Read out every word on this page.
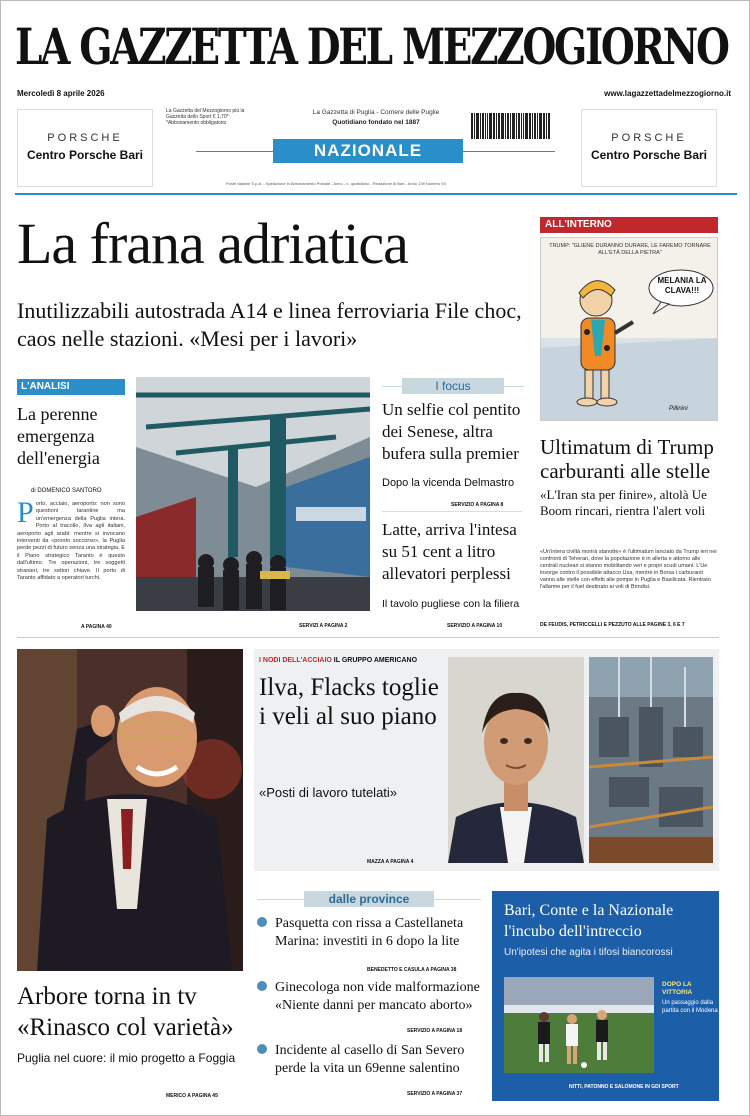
LA GAZZETTA DEL MEZZOGIORNO
Mercoledì 8 aprile 2026	www.lagazzettadelmezzogiorno.it
PORSCHE
Centro Porsche Bari
PORSCHE
Centro Porsche Bari
La Gazzetta del Mezzogiorno più la Gazzetta dello Sport € 1,70* *Abbonamento obbligatorio
La Gazzetta di Puglia - Corriere delle Puglie
Quotidiano fondato nel 1887
NAZIONALE
Poste Italiane S.p.A. - Spedizione in Abbonamento Postale - Anno - n. quotidiano - Redazione di Bari - Anno 139 Numero 93
La frana adriatica
Inutilizzabili autostrada A14 e linea ferroviaria File choc, caos nelle stazioni. «Mesi per i lavori»
ALL'INTERNO
TRUMP: "GLIENE DURANNO DURARE, LE FAREMO TORNARE ALL'ETÀ DELLA PIETRA"
MELANIA LA CLAVA!!!
Pillinini
Ultimatum di Trump carburanti alle stelle
«L'Iran sta per finire», altolà Ue Boom rincari, rientra l'alert voli
«Un'intera civiltà morirà stanotte» è l'ultimatum lanciato da Trump ieri nei confronti di Teheran, dove la popolazione è in allerta e attorno alle centrali nucleari si stanno mobilitando veri e propri scudi umani. L'Ue insorge contro il possibile attacco Usa, mentre in Borsa i carburanti vanno alle stelle con effetti alle pompe in Puglia e Basilicata. Rientrato l'allarme per il fuel destinato ai voli di Brindisi.
DE FEUDIS, PETRICCELLI E PEZZUTO ALLE PAGINE 3, 6 E 7
L'ANALISI
La perenne emergenza dell'energia
di DOMENICO SANTORO
Porto, acciaio, aeroporto: non sono questioni tarantine ma un'emergenza della Puglia intera. Porto al tracollo, Ilva agli italiani, aeroporto agli arabi: mentre si invocano interventi da «pronto soccorso», la Puglia perde pezzi di futuro senza una strategia. E il Piano strategico Taranto è questo dall'ultimo. Tre operazioni, tre soggetti stranieri, tre settori chiave. Il porto di Taranto affidato a operatori turchi.
A PAGINA 40	SERVIZI A PAGINA 2
I focus
Un selfie col pentito dei Senese, altra bufera sulla premier
Dopo la vicenda Delmastro
SERVIZIO A PAGINA 8
Latte, arriva l'intesa su 51 cent a litro allevatori perplessi
Il tavolo pugliese con la filiera
SERVIZIO A PAGINA 10
Arbore torna in tv «Rinasco col varietà»
Puglia nel cuore: il mio progetto a Foggia
MERICO A PAGINA 45
I NODI DELL'ACCIAIO IL GRUPPO AMERICANO
Ilva, Flacks toglie i veli al suo piano
«Posti di lavoro tutelati»
MAZZA A PAGINA 4
dalle province
Pasquetta con rissa a Castellaneta Marina: investiti in 6 dopo la lite
BENEDETTO E CASULA A PAGINA 38
Ginecologa non vide malformazione «Niente danni per mancato aborto»
SERVIZIO A PAGINA 18
Incidente al casello di San Severo perde la vita un 69enne salentino
SERVIZIO A PAGINA 37
Bari, Conte e la Nazionale l'incubo dell'intreccio
Un'ipotesi che agita i tifosi biancorossi
DOPO LA VITTORIA
Un passaggio dalla partita con il Modena
NITTI, PATONNO E SALOMONE IN GDI SPORT
